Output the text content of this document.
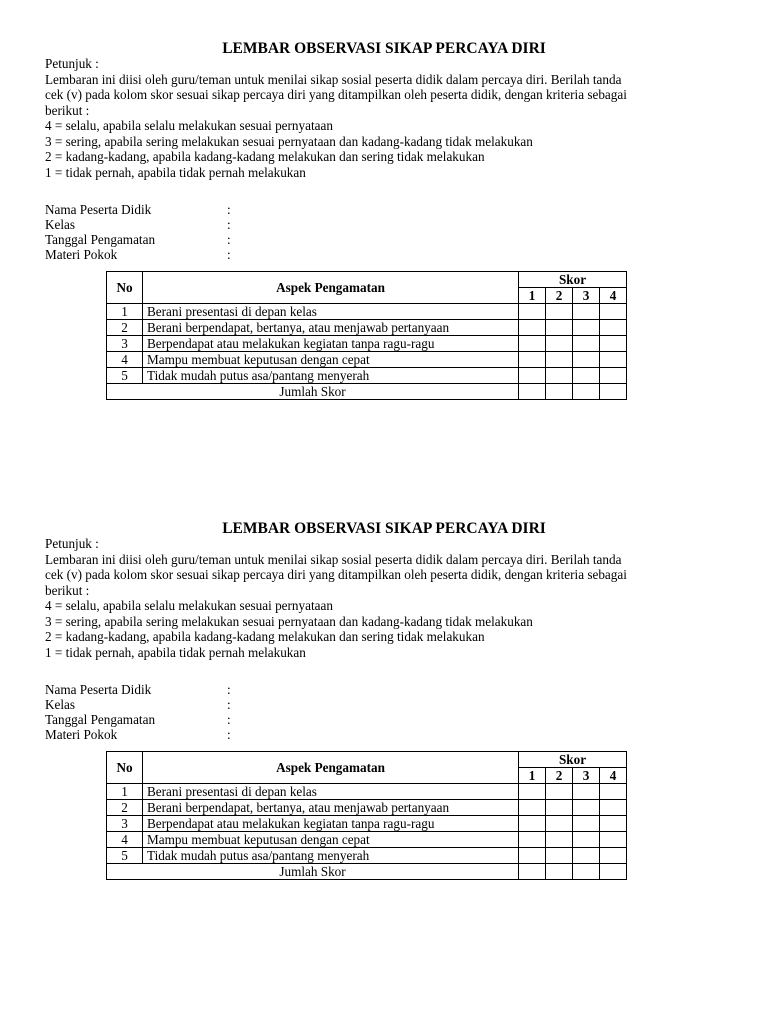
LEMBAR OBSERVASI SIKAP PERCAYA DIRI
Petunjuk :
Lembaran ini diisi oleh guru/teman untuk menilai sikap sosial peserta didik dalam percaya diri. Berilah tanda
cek (v) pada kolom skor sesuai sikap percaya diri yang ditampilkan oleh peserta didik, dengan kriteria sebagai
berikut :
4 = selalu, apabila selalu melakukan sesuai pernyataan
3 = sering, apabila sering melakukan sesuai pernyataan dan kadang-kadang tidak melakukan
2 = kadang-kadang, apabila kadang-kadang melakukan dan sering tidak melakukan
1 = tidak pernah, apabila tidak pernah melakukan
Nama Peserta Didik	:
Kelas	:
Tanggal Pengamatan	:
Materi Pokok	:
No	Aspek Pengamatan	Skor			
		1	2	3	4
1	Berani presentasi di depan kelas				
2	Berani berpendapat, bertanya, atau menjawab pertanyaan				
3	Berpendapat atau melakukan kegiatan tanpa ragu-ragu				
4	Mampu membuat keputusan dengan cepat				
5	Tidak mudah putus asa/pantang menyerah				
Jumlah Skor					
LEMBAR OBSERVASI SIKAP PERCAYA DIRI
Petunjuk :
Lembaran ini diisi oleh guru/teman untuk menilai sikap sosial peserta didik dalam percaya diri. Berilah tanda
cek (v) pada kolom skor sesuai sikap percaya diri yang ditampilkan oleh peserta didik, dengan kriteria sebagai
berikut :
4 = selalu, apabila selalu melakukan sesuai pernyataan
3 = sering, apabila sering melakukan sesuai pernyataan dan kadang-kadang tidak melakukan
2 = kadang-kadang, apabila kadang-kadang melakukan dan sering tidak melakukan
1 = tidak pernah, apabila tidak pernah melakukan
Nama Peserta Didik	:
Kelas	:
Tanggal Pengamatan	:
Materi Pokok	:
No	Aspek Pengamatan	Skor			
		1	2	3	4
1	Berani presentasi di depan kelas				
2	Berani berpendapat, bertanya, atau menjawab pertanyaan				
3	Berpendapat atau melakukan kegiatan tanpa ragu-ragu				
4	Mampu membuat keputusan dengan cepat				
5	Tidak mudah putus asa/pantang menyerah				
Jumlah Skor					
